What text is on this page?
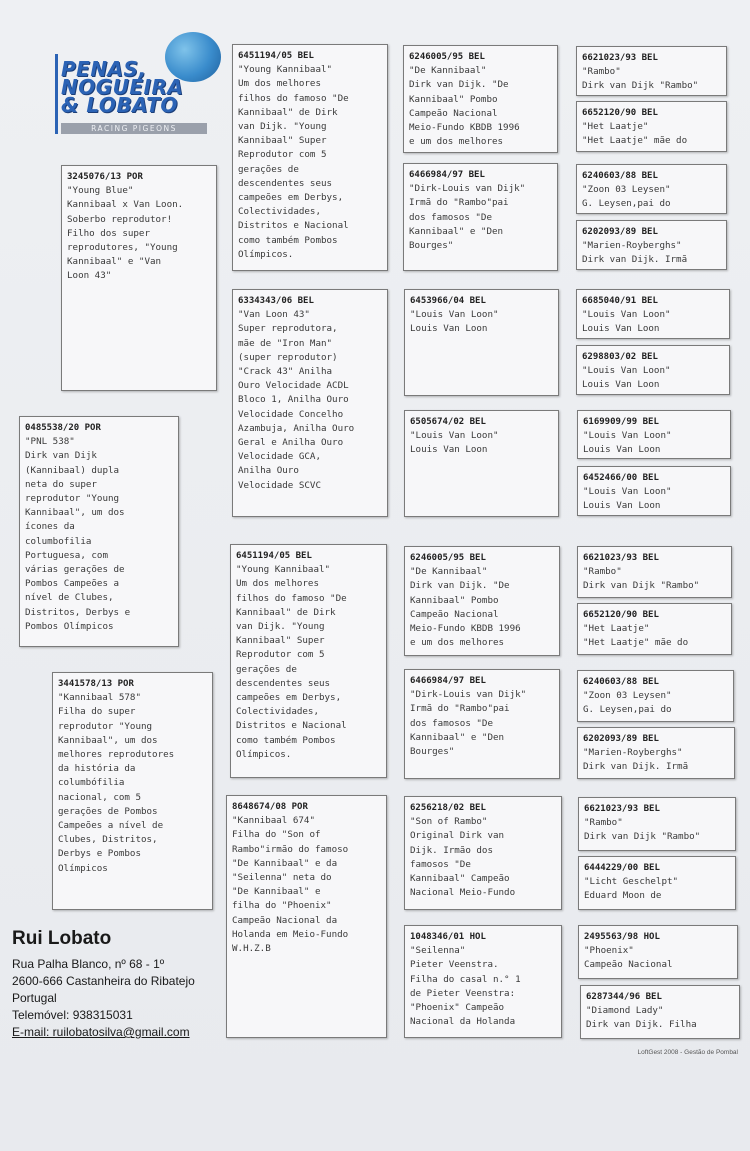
PENAS,
NOGUEIRA
& LOBATO
RACING PIGEONS
0485538/20 POR
"PNL 538"
Dirk van Dijk
(Kannibaal) dupla
neta do super
reprodutor "Young
Kannibaal", um dos
ícones da
columbofilia
Portuguesa, com
várias gerações de
Pombos Campeões a
nível de Clubes,
Distritos, Derbys e
Pombos Olímpicos
3245076/13 POR
"Young Blue"
Kannibaal x Van Loon.
Soberbo reprodutor!
Filho dos super
reprodutores, "Young
Kannibaal" e "Van
Loon 43"
3441578/13 POR
"Kannibaal 578"
Filha do super
reprodutor "Young
Kannibaal", um dos
melhores reprodutores
da história da
columbófilia
nacional, com 5
gerações de Pombos
Campeões a nível de
Clubes, Distritos,
Derbys e Pombos
Olímpicos
6451194/05 BEL
"Young Kannibaal"
Um dos melhores
filhos do famoso "De
Kannibaal" de Dirk
van Dijk. "Young
Kannibaal" Super
Reprodutor com 5
gerações de
descendentes seus
campeões em Derbys,
Colectividades,
Distritos e Nacional
como também Pombos
Olímpicos.
6334343/06 BEL
"Van Loon 43"
Super reprodutora,
mãe de "Iron Man"
(super reprodutor)
"Crack 43" Anilha
Ouro Velocidade ACDL
Bloco 1, Anilha Ouro
Velocidade Concelho
Azambuja, Anilha Ouro
Geral e Anilha Ouro
Velocidade GCA,
Anilha Ouro
Velocidade SCVC
6451194/05 BEL
"Young Kannibaal"
Um dos melhores
filhos do famoso "De
Kannibaal" de Dirk
van Dijk. "Young
Kannibaal" Super
Reprodutor com 5
gerações de
descendentes seus
campeões em Derbys,
Colectividades,
Distritos e Nacional
como também Pombos
Olímpicos.
8648674/08 POR
"Kannibaal 674"
Filha do "Son of
Rambo"irmão do famoso
"De Kannibaal" e da
"Seilenna" neta do
"De Kannibaal" e
filha do "Phoenix"
Campeão Nacional da
Holanda em Meio-Fundo
W.H.Z.B
6246005/95 BEL
"De Kannibaal"
Dirk van Dijk. "De
Kannibaal" Pombo
Campeão Nacional
Meio-Fundo KBDB 1996
e um dos melhores
6466984/97 BEL
"Dirk-Louis van Dijk"
Irmã do "Rambo"pai
dos famosos "De
Kannibaal" e "Den
Bourges"
6453966/04 BEL
"Louis Van Loon"
Louis Van Loon
6505674/02 BEL
"Louis Van Loon"
Louis Van Loon
6246005/95 BEL
"De Kannibaal"
Dirk van Dijk. "De
Kannibaal" Pombo
Campeão Nacional
Meio-Fundo KBDB 1996
e um dos melhores
6466984/97 BEL
"Dirk-Louis van Dijk"
Irmã do "Rambo"pai
dos famosos "De
Kannibaal" e "Den
Bourges"
6256218/02 BEL
"Son of Rambo"
Original Dirk van
Dijk. Irmão dos
famosos "De
Kannibaal" Campeão
Nacional Meio-Fundo
1048346/01 HOL
"Seilenna"
Pieter Veenstra.
Filha do casal n.° 1
de Pieter Veenstra:
"Phoenix" Campeão
Nacional da Holanda
6621023/93 BEL
"Rambo"
Dirk van Dijk "Rambo"
6652120/90 BEL
"Het Laatje"
"Het Laatje" mãe do
6240603/88 BEL
"Zoon 03 Leysen"
G. Leysen,pai do
6202093/89 BEL
"Marien-Royberghs"
Dirk van Dijk. Irmã
6685040/91 BEL
"Louis Van Loon"
Louis Van Loon
6298803/02 BEL
"Louis Van Loon"
Louis Van Loon
6169909/99 BEL
"Louis Van Loon"
Louis Van Loon
6452466/00 BEL
"Louis Van Loon"
Louis Van Loon
6621023/93 BEL
"Rambo"
Dirk van Dijk "Rambo"
6652120/90 BEL
"Het Laatje"
"Het Laatje" mãe do
6240603/88 BEL
"Zoon 03 Leysen"
G. Leysen,pai do
6202093/89 BEL
"Marien-Royberghs"
Dirk van Dijk. Irmã
6621023/93 BEL
"Rambo"
Dirk van Dijk "Rambo"
6444229/00 BEL
"Licht Geschelpt"
Eduard Moon de
2495563/98 HOL
"Phoenix"
Campeão Nacional
6287344/96 BEL
"Diamond Lady"
Dirk van Dijk. Filha
Rui Lobato
Rua Palha Blanco, nº 68 - 1º
2600-666 Castanheira do Ribatejo
Portugal
Telemóvel: 938315031
E-mail: ruilobatosilva@gmail.com
LoftGest 2008 - Gestão de Pombal
